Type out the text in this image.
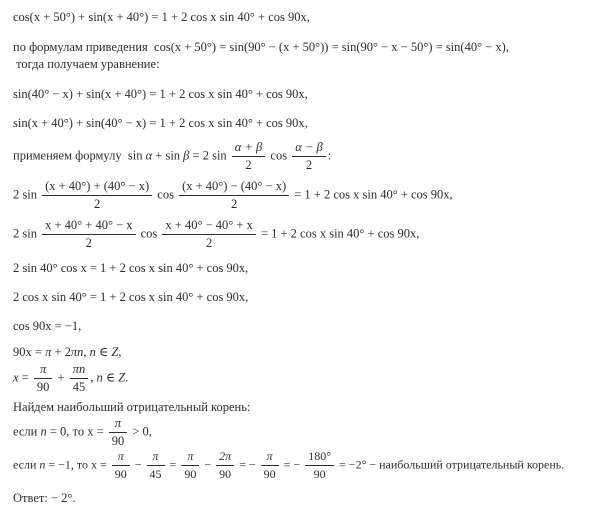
cos(x + 50°) + sin(x + 40°) = 1 + 2 cos x sin 40° + cos 90x,
по формулам приведения  cos(x + 50°) = sin(90° − (x + 50°)) = sin(90° − x − 50°) = sin(40° − x),
тогда получаем уравнение:
sin(40° − x) + sin(x + 40°) = 1 + 2 cos x sin 40° + cos 90x,
sin(x + 40°) + sin(40° − x) = 1 + 2 cos x sin 40° + cos 90x,
применяем формулу  sin α + sin β = 2 $\sin \frac{\alpha + \beta}{2}$ $\cos \frac{\alpha - \beta}{2}$ :
2 $\sin \frac{(x + 40^\circ) + (40^\circ - x)}{2}$ $\cos \frac{(x + 40^\circ) - (40^\circ - x)}{2} = 1 + 2$ cos x sin 40° + cos 90x,
2 $\sin \frac{x + 40^\circ + 40^\circ - x}{2}$ $\cos \frac{x + 40^\circ - 40^\circ + x}{2} = 1 + 2$ cos x sin 40° + cos 90x,
2 sin 40° cos x = 1 + 2 cos x sin 40° + cos 90x,
2 cos x sin 40° = 1 + 2 cos x sin 40° + cos 90x,
cos 90x = −1,
90x = π + 2πn, n ∈ Z,
$x = \frac{\pi}{90} + \frac{\pi n}{45}$ , n ∈ Z.
Найдем наибольший отрицательный корень:
если n = 0, то $x = \frac{\pi}{90} > 0$,
если n = −1, то $x = \frac{\pi}{90} - \frac{\pi}{45} = \frac{\pi}{90} - \frac{2\pi}{90}$ = − $\frac{\pi}{90}$ = − $\frac{180^\circ}{90} = -2^\circ$ − наибольший отрицательный корень.
Ответ: − 2°.
